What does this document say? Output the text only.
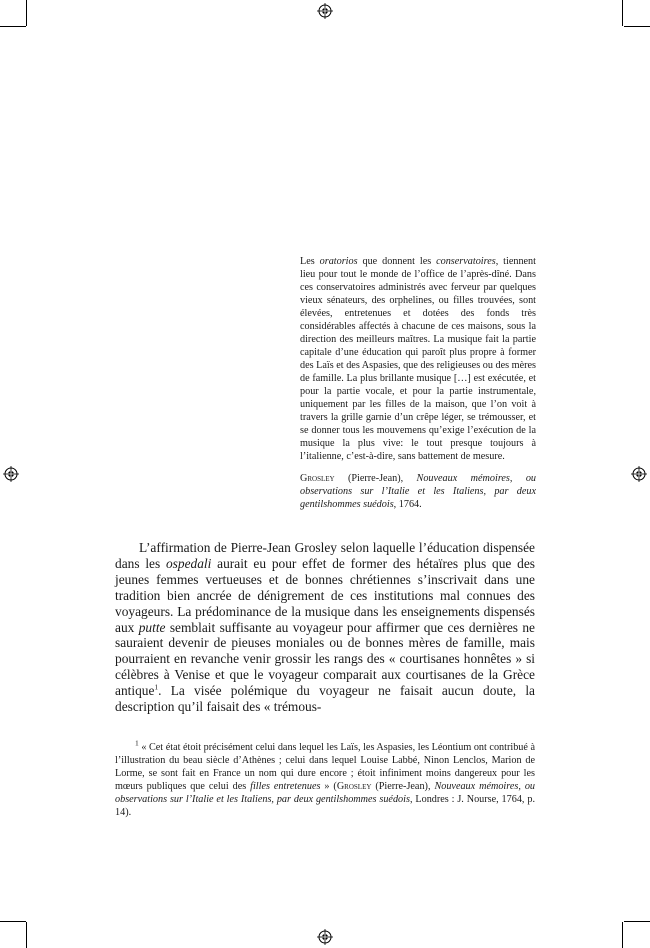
Les oratorios que donnent les conservatoires, tiennent lieu pour tout le monde de l’office de l’après-dîné. Dans ces conservatoires administrés avec ferveur par quelques vieux sénateurs, des orphelines, ou filles trouvées, sont élevées, entretenues et dotées des fonds très considérables affectés à chacune de ces maisons, sous la direction des meilleurs maîtres. La musique fait la partie capitale d’une éducation qui paroît plus propre à former des Laïs et des Aspasies, que des religieuses ou des mères de famille. La plus brillante musique […] est exécutée, et pour la partie vocale, et pour la partie instrumentale, uniquement par les filles de la maison, que l’on voit à travers la grille garnie d’un crêpe léger, se trémousser, et se donner tous les mouvemens qu’exige l’exécution de la musique la plus vive: le tout presque toujours à l’italienne, c’est-à-dire, sans battement de mesure.

Grosley (Pierre-Jean), Nouveaux mémoires, ou observations sur l’Italie et les Italiens, par deux gentilshommes suédois, 1764.

L’affirmation de Pierre-Jean Grosley selon laquelle l’éducation dispensée dans les ospedali aurait eu pour effet de former des hétaïres plus que des jeunes femmes vertueuses et de bonnes chrétiennes s’inscrivait dans une tradition bien ancrée de dénigrement de ces institutions mal connues des voyageurs. La prédominance de la musique dans les enseignements dispensés aux putte semblait suffisante au voyageur pour affirmer que ces dernières ne sauraient devenir de pieuses moniales ou de bonnes mères de famille, mais pourraient en revanche venir grossir les rangs des « courtisanes honnêtes » si célèbres à Venise et que le voyageur comparait aux courtisanes de la Grèce antique$^1$. La visée polémique du voyageur ne faisait aucun doute, la description qu’il faisait des « trémous-

$^1$ « Cet état étoit précisément celui dans lequel les Laïs, les Aspasies, les Léontium ont contribué à l’illustration du beau siècle d’Athènes ; celui dans lequel Louise Labbé, Ninon Lenclos, Marion de Lorme, se sont fait en France un nom qui dure encore ; étoit infiniment moins dangereux pour les mœurs publiques que celui des filles entretenues » (Grosley (Pierre-Jean), Nouveaux mémoires, ou observations sur l’Italie et les Italiens, par deux gentilshommes suédois, Londres : J. Nourse, 1764, p. 14).
